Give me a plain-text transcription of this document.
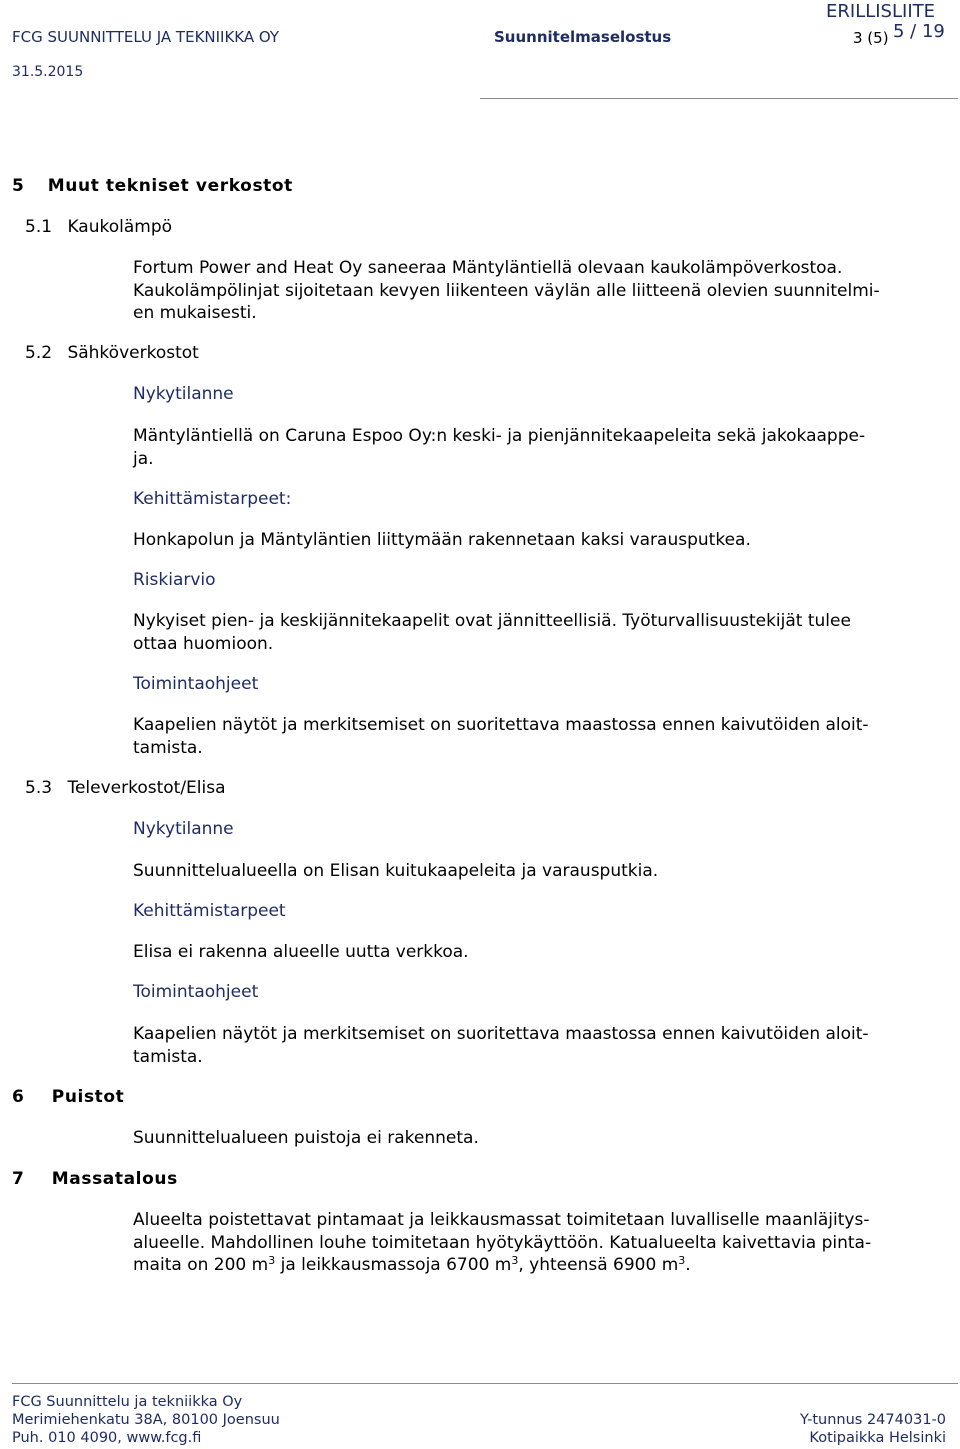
FCG SUUNNITTELU JA TEKNIIKKA OY
31.5.2015
Suunnitelmaselostus	3 (5)
ERILLISLIITE
5 / 19
5 Muut tekniset verkostot
5.1 Kaukolämpö
Fortum Power and Heat Oy saneeraa Mäntyläntiellä olevaan kaukolämpöverkostoa.
Kaukolämpölinjat sijoitetaan kevyen liikenteen väylän alle liitteenä olevien suunnitelmi-
en mukaisesti.
5.2 Sähköverkostot
Nykytilanne
Mäntyläntiellä on Caruna Espoo Oy:n keski- ja pienjännitekaapeleita sekä jakokaappe-
ja.
Kehittämistarpeet:
Honkapolun ja Mäntyläntien liittymään rakennetaan kaksi varausputkea.
Riskiarvio
Nykyiset pien- ja keskijännitekaapelit ovat jännitteellisiä. Työturvallisuustekijät tulee
ottaa huomioon.
Toimintaohjeet
Kaapelien näytöt ja merkitsemiset on suoritettava maastossa ennen kaivutöiden aloit-
tamista.
5.3 Televerkostot/Elisa
Nykytilanne
Suunnittelualueella on Elisan kuitukaapeleita ja varausputkia.
Kehittämistarpeet
Elisa ei rakenna alueelle uutta verkkoa.
Toimintaohjeet
Kaapelien näytöt ja merkitsemiset on suoritettava maastossa ennen kaivutöiden aloit-
tamista.
6 Puistot
Suunnittelualueen puistoja ei rakenneta.
7 Massatalous
Alueelta poistettavat pintamaat ja leikkausmassat toimitetaan luvalliselle maanläjitys-
alueelle. Mahdollinen louhe toimitetaan hyötykäyttöön. Katualueelta kaivettavia pinta-
maita on 200 $m^3$ ja leikkausmassoja 6700 $m^3$, yhteensä 6900 $m^3$.
FCG Suunnittelu ja tekniikka Oy
Merimiehenkatu 38A, 80100 Joensuu
Puh. 010 4090, www.fcg.fi
Y-tunnus 2474031-0
Kotipaikka Helsinki
